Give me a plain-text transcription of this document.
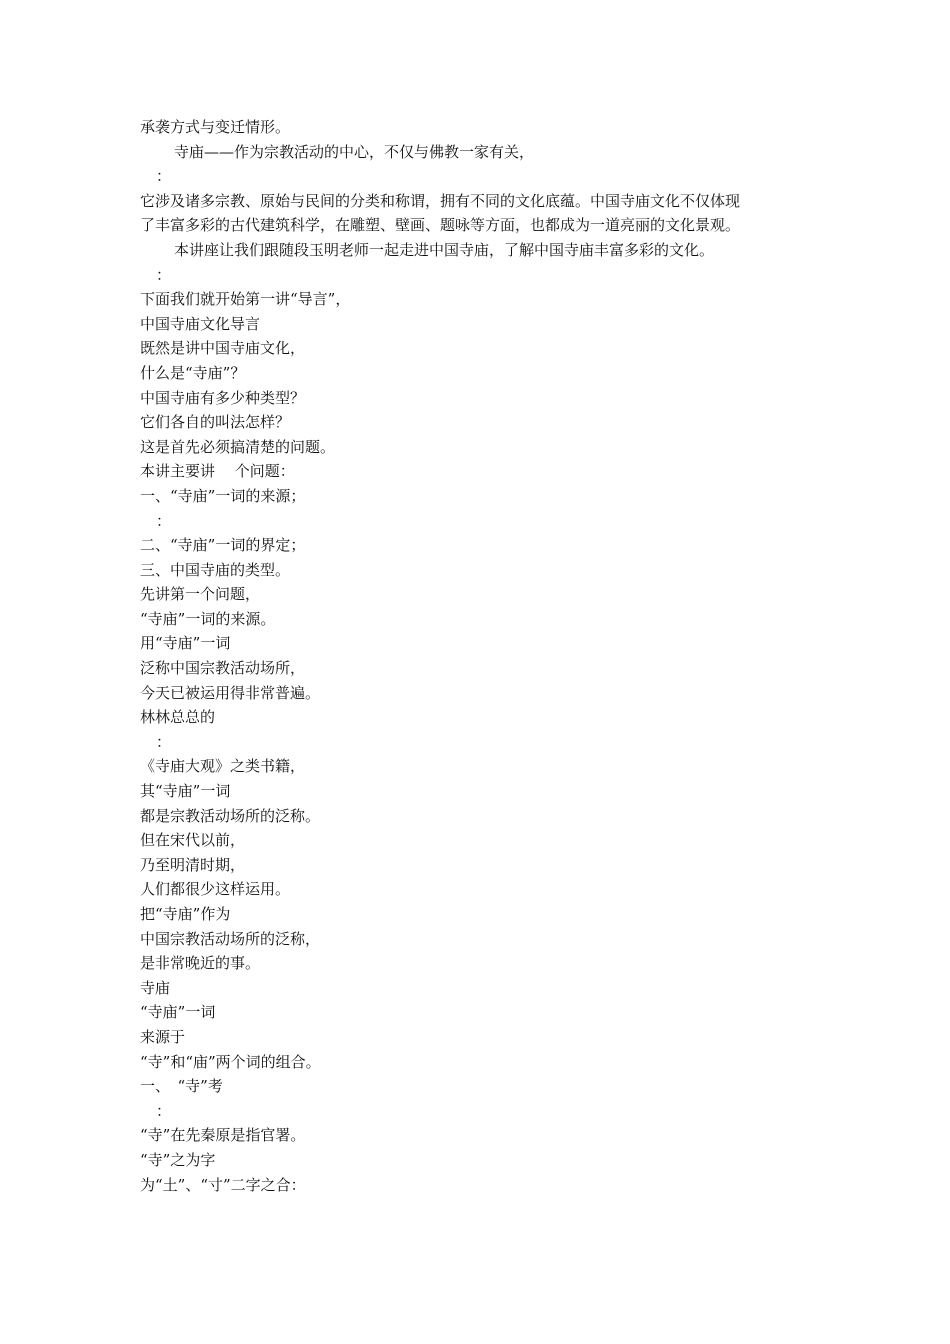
承袭方式与变迁情形。
寺庙——作为宗教活动的中心，不仅与佛教一家有关，
：
它涉及诸多宗教、原始与民间的分类和称谓，拥有不同的文化底蕴。中国寺庙文化不仅体现
了丰富多彩的古代建筑科学，在雕塑、壁画、题咏等方面，也都成为一道亮丽的文化景观。
本讲座让我们跟随段玉明老师一起走进中国寺庙，了解中国寺庙丰富多彩的文化。
：
下面我们就开始第一讲“导言”，
中国寺庙文化导言
既然是讲中国寺庙文化，
什么是“寺庙”？
中国寺庙有多少种类型？
它们各自的叫法怎样？
这是首先必须搞清楚的问题。
本讲主要讲　 个问题：
一、“寺庙”一词的来源；
：
二、“寺庙”一词的界定；
三、中国寺庙的类型。
先讲第一个问题，
“寺庙”一词的来源。
用“寺庙”一词
泛称中国宗教活动场所，
今天已被运用得非常普遍。
林林总总的
：
《寺庙大观》之类书籍，
其“寺庙”一词
都是宗教活动场所的泛称。
但在宋代以前，
乃至明清时期，
人们都很少这样运用。
把“寺庙”作为
中国宗教活动场所的泛称，
是非常晚近的事。
寺庙
“寺庙”一词
来源于
“寺”和“庙”两个词的组合。
一、　“寺”考
：
“寺”在先秦原是指官署。
“寺”之为字
为“土”、“寸”二字之合：
